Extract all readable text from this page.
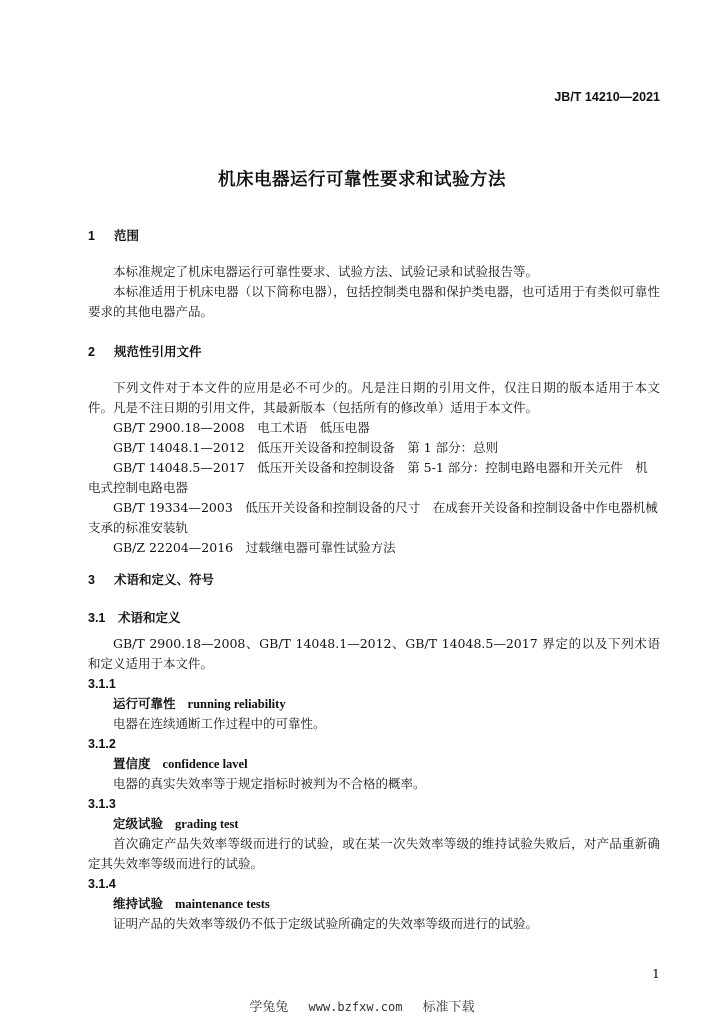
JB/T 14210—2021
机床电器运行可靠性要求和试验方法
1 范围

本标准规定了机床电器运行可靠性要求、试验方法、试验记录和试验报告等。

本标准适用于机床电器（以下简称电器），包括控制类电器和保护类电器，也可适用于有类似可靠性要求的其他电器产品。

2 规范性引用文件

下列文件对于本文件的应用是必不可少的。凡是注日期的引用文件，仅注日期的版本适用于本文件。凡是不注日期的引用文件，其最新版本（包括所有的修改单）适用于本文件。

GB/T 2900.18—2008　电工术语　低压电器

GB/T 14048.1—2012　低压开关设备和控制设备　第 1 部分：总则

GB/T 14048.5—2017　低压开关设备和控制设备　第 5-1 部分：控制电路电器和开关元件　机电式控制电路电器

GB/T 19334—2003　低压开关设备和控制设备的尺寸　在成套开关设备和控制设备中作电器机械支承的标准安装轨

GB/Z 22204—2016　过载继电器可靠性试验方法

3 术语和定义、符号
3.1 术语和定义

GB/T 2900.18—2008、GB/T 14048.1—2012、GB/T 14048.5—2017 界定的以及下列术语和定义适用于本文件。

3.1.1
运行可靠性 running reliability

电器在连续通断工作过程中的可靠性。

3.1.2
置信度 confidence lavel

电器的真实失效率等于规定指标时被判为不合格的概率。

3.1.3
定级试验 grading test

首次确定产品失效率等级而进行的试验，或在某一次失效率等级的维持试验失败后，对产品重新确定其失效率等级而进行的试验。

3.1.4
维持试验 maintenance tests

证明产品的失效率等级仍不低于定级试验所确定的失效率等级而进行的试验。

1
学兔兔 www.bzfxw.com 标准下载
